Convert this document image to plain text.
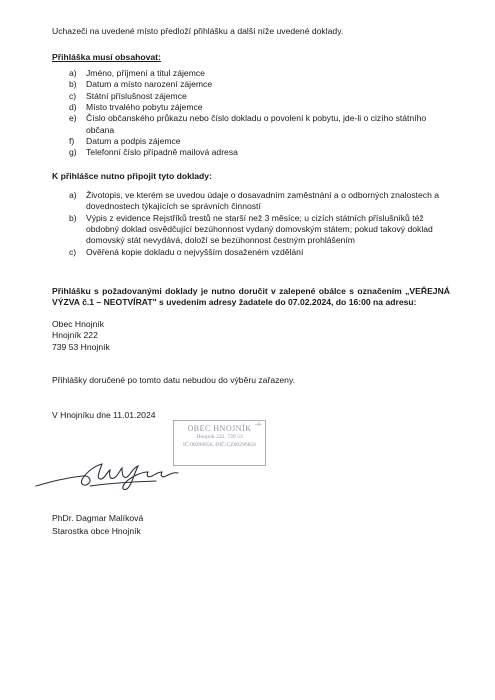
Uchazeči na uvedené místo předloží přihlášku a další níže uvedené doklady.

Přihláška musí obsahovat:

a) Jméno, příjmení a titul zájemce
b) Datum a místo narození zájemce
c) Státní příslušnost zájemce
d) Místo trvalého pobytu zájemce
e) Číslo občanského průkazu nebo číslo dokladu o povolení k pobytu, jde-li o cizího státního
občana
f) Datum a podpis zájemce
g) Telefonní číslo případně mailová adresa

K přihlášce nutno připojit tyto doklady:

a) Životopis, ve kterém se uvedou údaje o dosavadním zaměstnání a o odborných znalostech a
dovednostech týkajících se správních činností
b) Výpis z evidence Rejstříků trestů ne starší než 3 měsíce; u cizích státních příslušníků též
obdobný doklad osvědčující bezúhonnost vydaný domovským státem; pokud takový doklad
domovský stát nevydává, doloží se bezúhonnost čestným prohlášením
c) Ověřená kopie dokladu o nejvyšším dosaženém vzdělání

Přihlášku s požadovanými doklady je nutno doručit v zalepené obálce s označením „VEŘEJNÁ VÝZVA č.1 – NEOTVÍRAT" s uvedením adresy žadatele do 07.02.2024, do 16:00 na adresu:

Obec Hnojník
Hnojník 222
739 53 Hnojník

Přihlášky doručené po tomto datu nebudou do výběru zařazeny.

V Hnojníku dne 11.01.2024

-4-
OBEC HNOJNÍK
Hnojník 222, 739 53
IČ:00296856, DIČ:CZ00296856
PhDr. Dagmar Malíková
Starostka obce Hnojník
